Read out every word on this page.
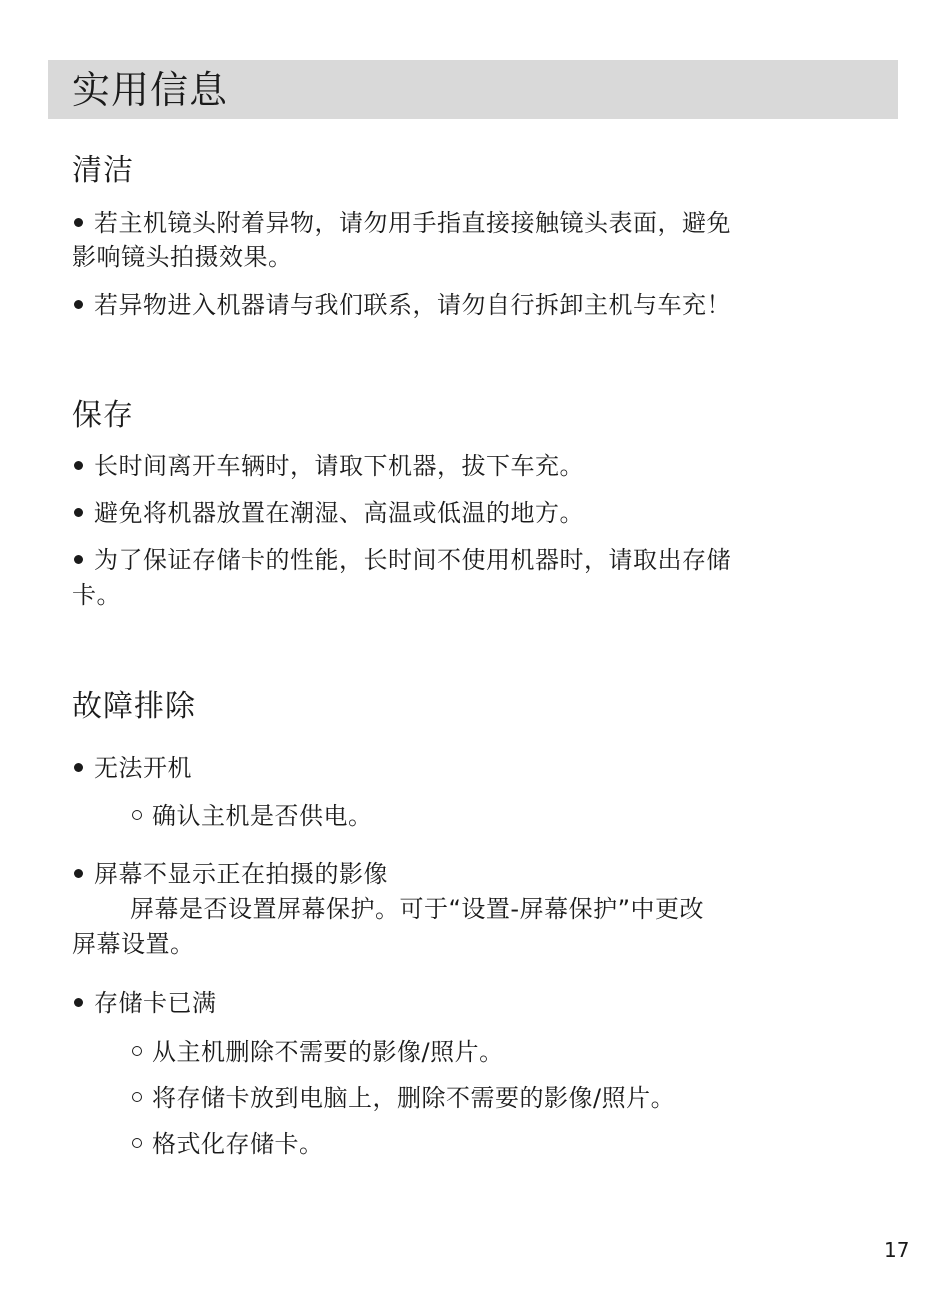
实用信息
清洁
若主机镜头附着异物，请勿用手指直接接触镜头表面，避免
影响镜头拍摄效果。
若异物进入机器请与我们联系，请勿自行拆卸主机与车充！
保存
长时间离开车辆时，请取下机器，拔下车充。
避免将机器放置在潮湿、高温或低温的地方。
为了保证存储卡的性能，长时间不使用机器时，请取出存储
卡。
故障排除
无法开机
确认主机是否供电。
屏幕不显示正在拍摄的影像
屏幕是否设置屏幕保护。可于“设置-屏幕保护”中更改
屏幕设置。
存储卡已满
从主机删除不需要的影像/照片。
将存储卡放到电脑上，删除不需要的影像/照片。
格式化存储卡。
17
